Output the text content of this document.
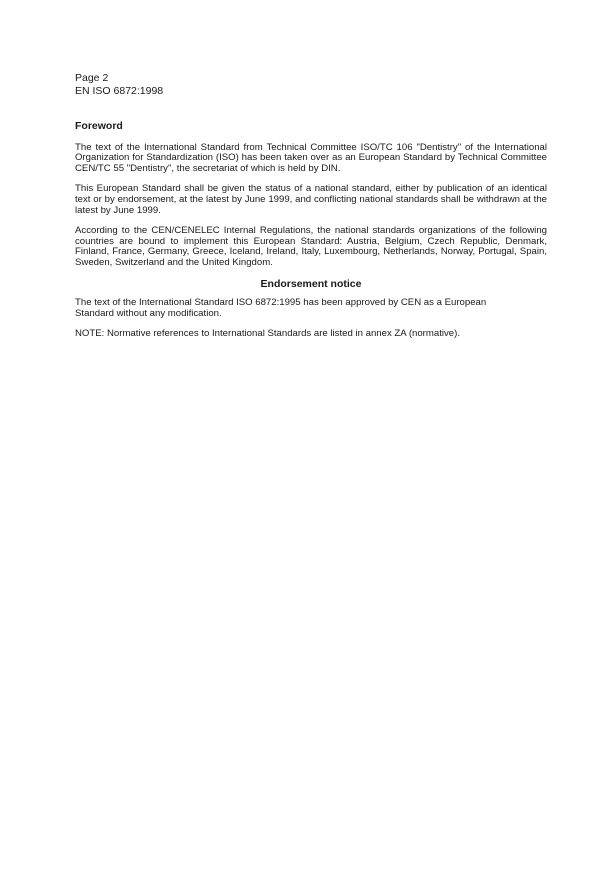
Page 2
EN ISO 6872:1998
Foreword

The text of the International Standard from Technical Committee ISO/TC 106 "Dentistry" of the International Organization for Standardization (ISO) has been taken over as an European Standard by Technical Committee CEN/TC 55 "Dentistry", the secretariat of which is held by DIN.

This European Standard shall be given the status of a national standard, either by publication of an identical text or by endorsement, at the latest by June 1999, and conflicting national standards shall be withdrawn at the latest by June 1999.

According to the CEN/CENELEC Internal Regulations, the national standards organizations of the following countries are bound to implement this European Standard: Austria, Belgium, Czech Republic, Denmark, Finland, France, Germany, Greece, Iceland, Ireland, Italy, Luxembourg, Netherlands, Norway, Portugal, Spain, Sweden, Switzerland and the United Kingdom.

Endorsement notice

The text of the International Standard ISO 6872:1995 has been approved by CEN as a European Standard without any modification.

NOTE: Normative references to International Standards are listed in annex ZA (normative).
